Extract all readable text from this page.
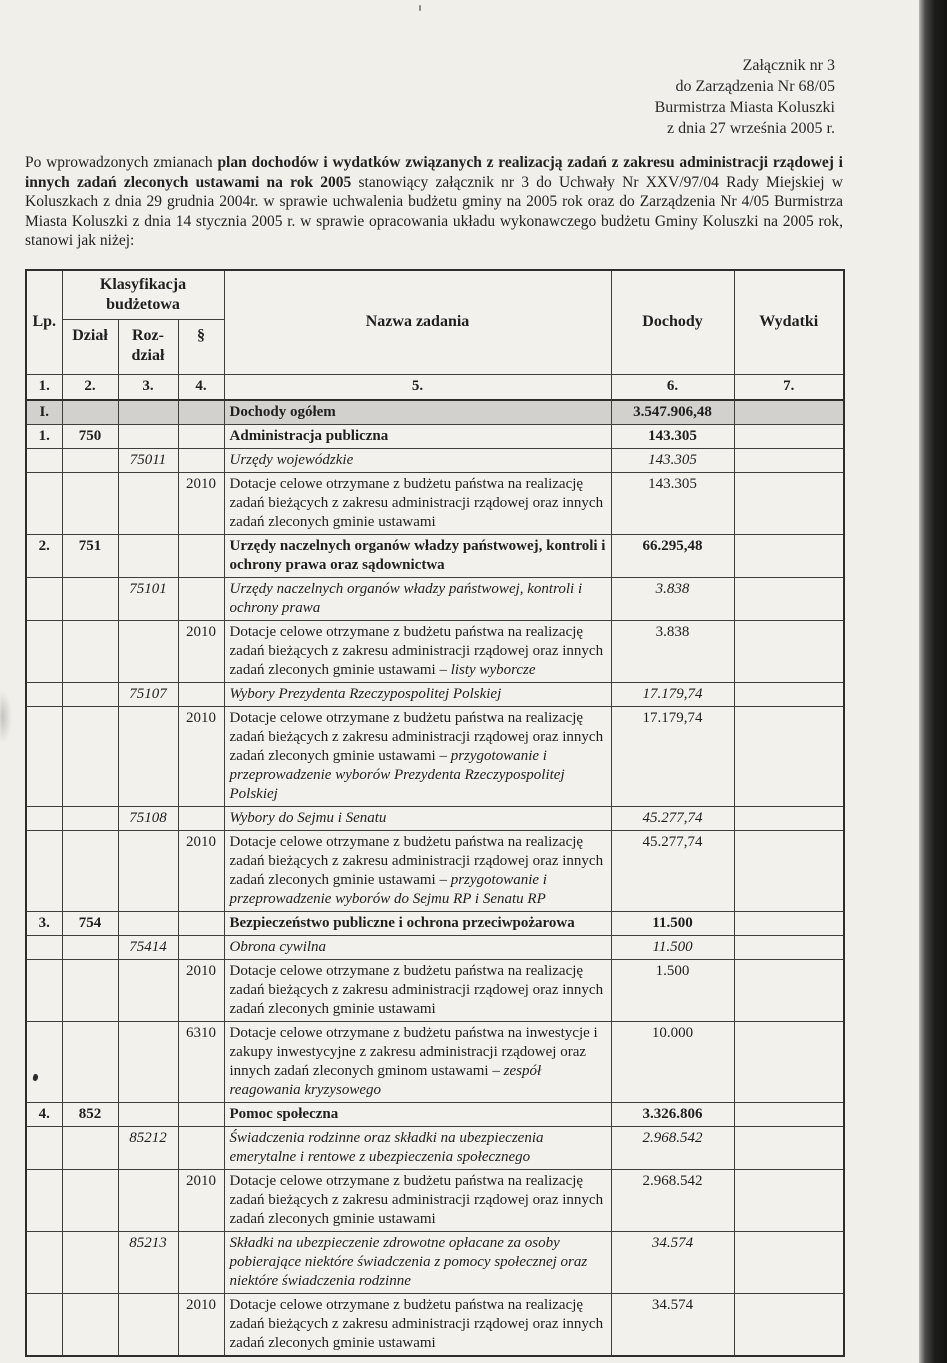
Załącznik nr 3
do Zarządzenia Nr 68/05
Burmistrza Miasta Koluszki
z dnia 27 września 2005 r.

Po wprowadzonych zmianach plan dochodów i wydatków związanych z realizacją zadań z zakresu administracji rządowej i innych zadań zleconych ustawami na rok 2005 stanowiący załącznik nr 3 do Uchwały Nr XXV/97/04 Rady Miejskiej w Koluszkach z dnia 29 grudnia 2004r. w sprawie uchwalenia budżetu gminy na 2005 rok oraz do Zarządzenia Nr 4/05 Burmistrza Miasta Koluszki z dnia 14 stycznia 2005 r. w sprawie opracowania układu wykonawczego budżetu Gminy Koluszki na 2005 rok, stanowi jak niżej:

Lp.	Klasyfikacja budżetowa			Nazwa zadania	Dochody	Wydatki
	Dział	Roz-dział	§			
1.	2.	3.	4.	5.	6.	7.
I.				Dochody ogółem	3.547.906,48	
1.	750			Administracja publiczna	143.305	
		75011		Urzędy wojewódzkie	143.305	
			2010	Dotacje celowe otrzymane z budżetu państwa na realizację zadań bieżących z zakresu administracji rządowej oraz innych zadań zleconych gminie ustawami	143.305	
2.	751			Urzędy naczelnych organów władzy państwowej, kontroli i ochrony prawa oraz sądownictwa	66.295,48	
		75101		Urzędy naczelnych organów władzy państwowej, kontroli i ochrony prawa	3.838	
			2010	Dotacje celowe otrzymane z budżetu państwa na realizację zadań bieżących z zakresu administracji rządowej oraz innych zadań zleconych gminie ustawami – listy wyborcze	3.838	
		75107		Wybory Prezydenta Rzeczypospolitej Polskiej	17.179,74	
			2010	Dotacje celowe otrzymane z budżetu państwa na realizację zadań bieżących z zakresu administracji rządowej oraz innych zadań zleconych gminie ustawami – przygotowanie i przeprowadzenie wyborów Prezydenta Rzeczypospolitej Polskiej	17.179,74	
		75108		Wybory do Sejmu i Senatu	45.277,74	
			2010	Dotacje celowe otrzymane z budżetu państwa na realizację zadań bieżących z zakresu administracji rządowej oraz innych zadań zleconych gminie ustawami – przygotowanie i przeprowadzenie wyborów do Sejmu RP i Senatu RP	45.277,74	
3.	754			Bezpieczeństwo publiczne i ochrona przeciwpożarowa	11.500	
		75414		Obrona cywilna	11.500	
			2010	Dotacje celowe otrzymane z budżetu państwa na realizację zadań bieżących z zakresu administracji rządowej oraz innych zadań zleconych gminie ustawami	1.500	
			6310	Dotacje celowe otrzymane z budżetu państwa na inwestycje i zakupy inwestycyjne z zakresu administracji rządowej oraz innych zadań zleconych gminom ustawami – zespół reagowania kryzysowego	10.000	
4.	852			Pomoc społeczna	3.326.806	
		85212		Świadczenia rodzinne oraz składki na ubezpieczenia emerytalne i rentowe z ubezpieczenia społecznego	2.968.542	
			2010	Dotacje celowe otrzymane z budżetu państwa na realizację zadań bieżących z zakresu administracji rządowej oraz innych zadań zleconych gminie ustawami	2.968.542	
		85213		Składki na ubezpieczenie zdrowotne opłacane za osoby pobierające niektóre świadczenia z pomocy społecznej oraz niektóre świadczenia rodzinne	34.574	
			2010	Dotacje celowe otrzymane z budżetu państwa na realizację zadań bieżących z zakresu administracji rządowej oraz innych zadań zleconych gminie ustawami	34.574	
